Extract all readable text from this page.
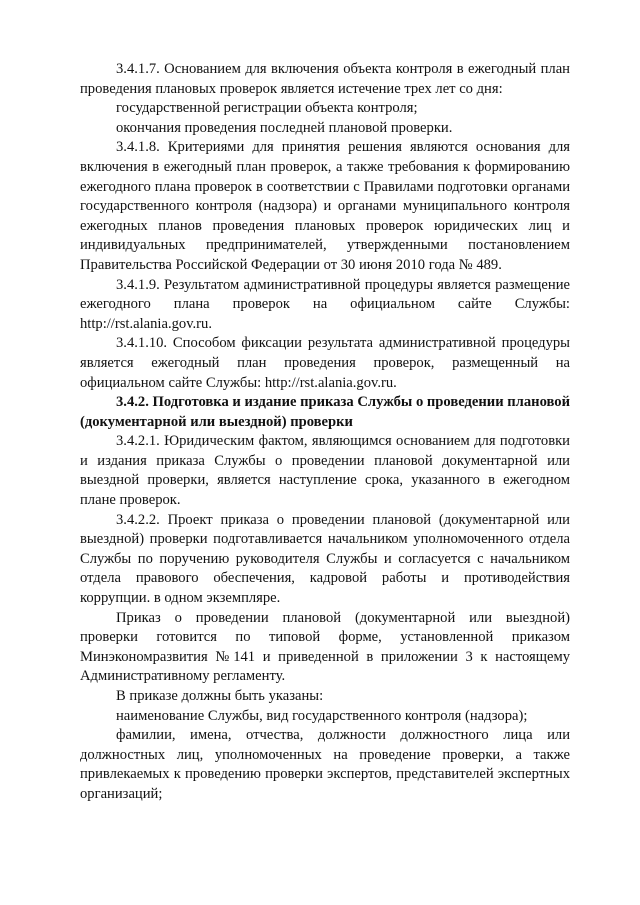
3.4.1.7. Основанием для включения объекта контроля в ежегодный план проведения плановых проверок является истечение трех лет со дня:

государственной регистрации объекта контроля;

окончания проведения последней плановой проверки.

3.4.1.8. Критериями для принятия решения являются основания для включения в ежегодный план проверок, а также требования к формированию ежегодного плана проверок в соответствии с Правилами подготовки органами государственного контроля (надзора) и органами муниципального контроля ежегодных планов проведения плановых проверок юридических лиц и индивидуальных предпринимателей, утвержденными постановлением Правительства Российской Федерации от 30 июня 2010 года № 489.

3.4.1.9. Результатом административной процедуры является размещение ежегодного плана проверок на официальном сайте Службы: http://rst.alania.gov.ru.

3.4.1.10. Способом фиксации результата административной процедуры является ежегодный план проведения проверок, размещенный на официальном сайте Службы: http://rst.alania.gov.ru.

3.4.2. Подготовка и издание приказа Службы о проведении плановой (документарной или выездной) проверки

3.4.2.1. Юридическим фактом, являющимся основанием для подготовки и издания приказа Службы о проведении плановой документарной или выездной проверки, является наступление срока, указанного в ежегодном плане проверок.

3.4.2.2. Проект приказа о проведении плановой (документарной или выездной) проверки подготавливается начальником уполномоченного отдела Службы по поручению руководителя Службы и согласуется с начальником отдела правового обеспечения, кадровой работы и противодействия коррупции. в одном экземпляре.

Приказ о проведении плановой (документарной или выездной) проверки готовится по типовой форме, установленной приказом Минэкономразвития №141 и приведенной в приложении 3 к настоящему Административному регламенту.

В приказе должны быть указаны:

наименование Службы, вид государственного контроля (надзора);

фамилии, имена, отчества, должности должностного лица или должностных лиц, уполномоченных на проведение проверки, а также привлекаемых к проведению проверки экспертов, представителей экспертных организаций;
